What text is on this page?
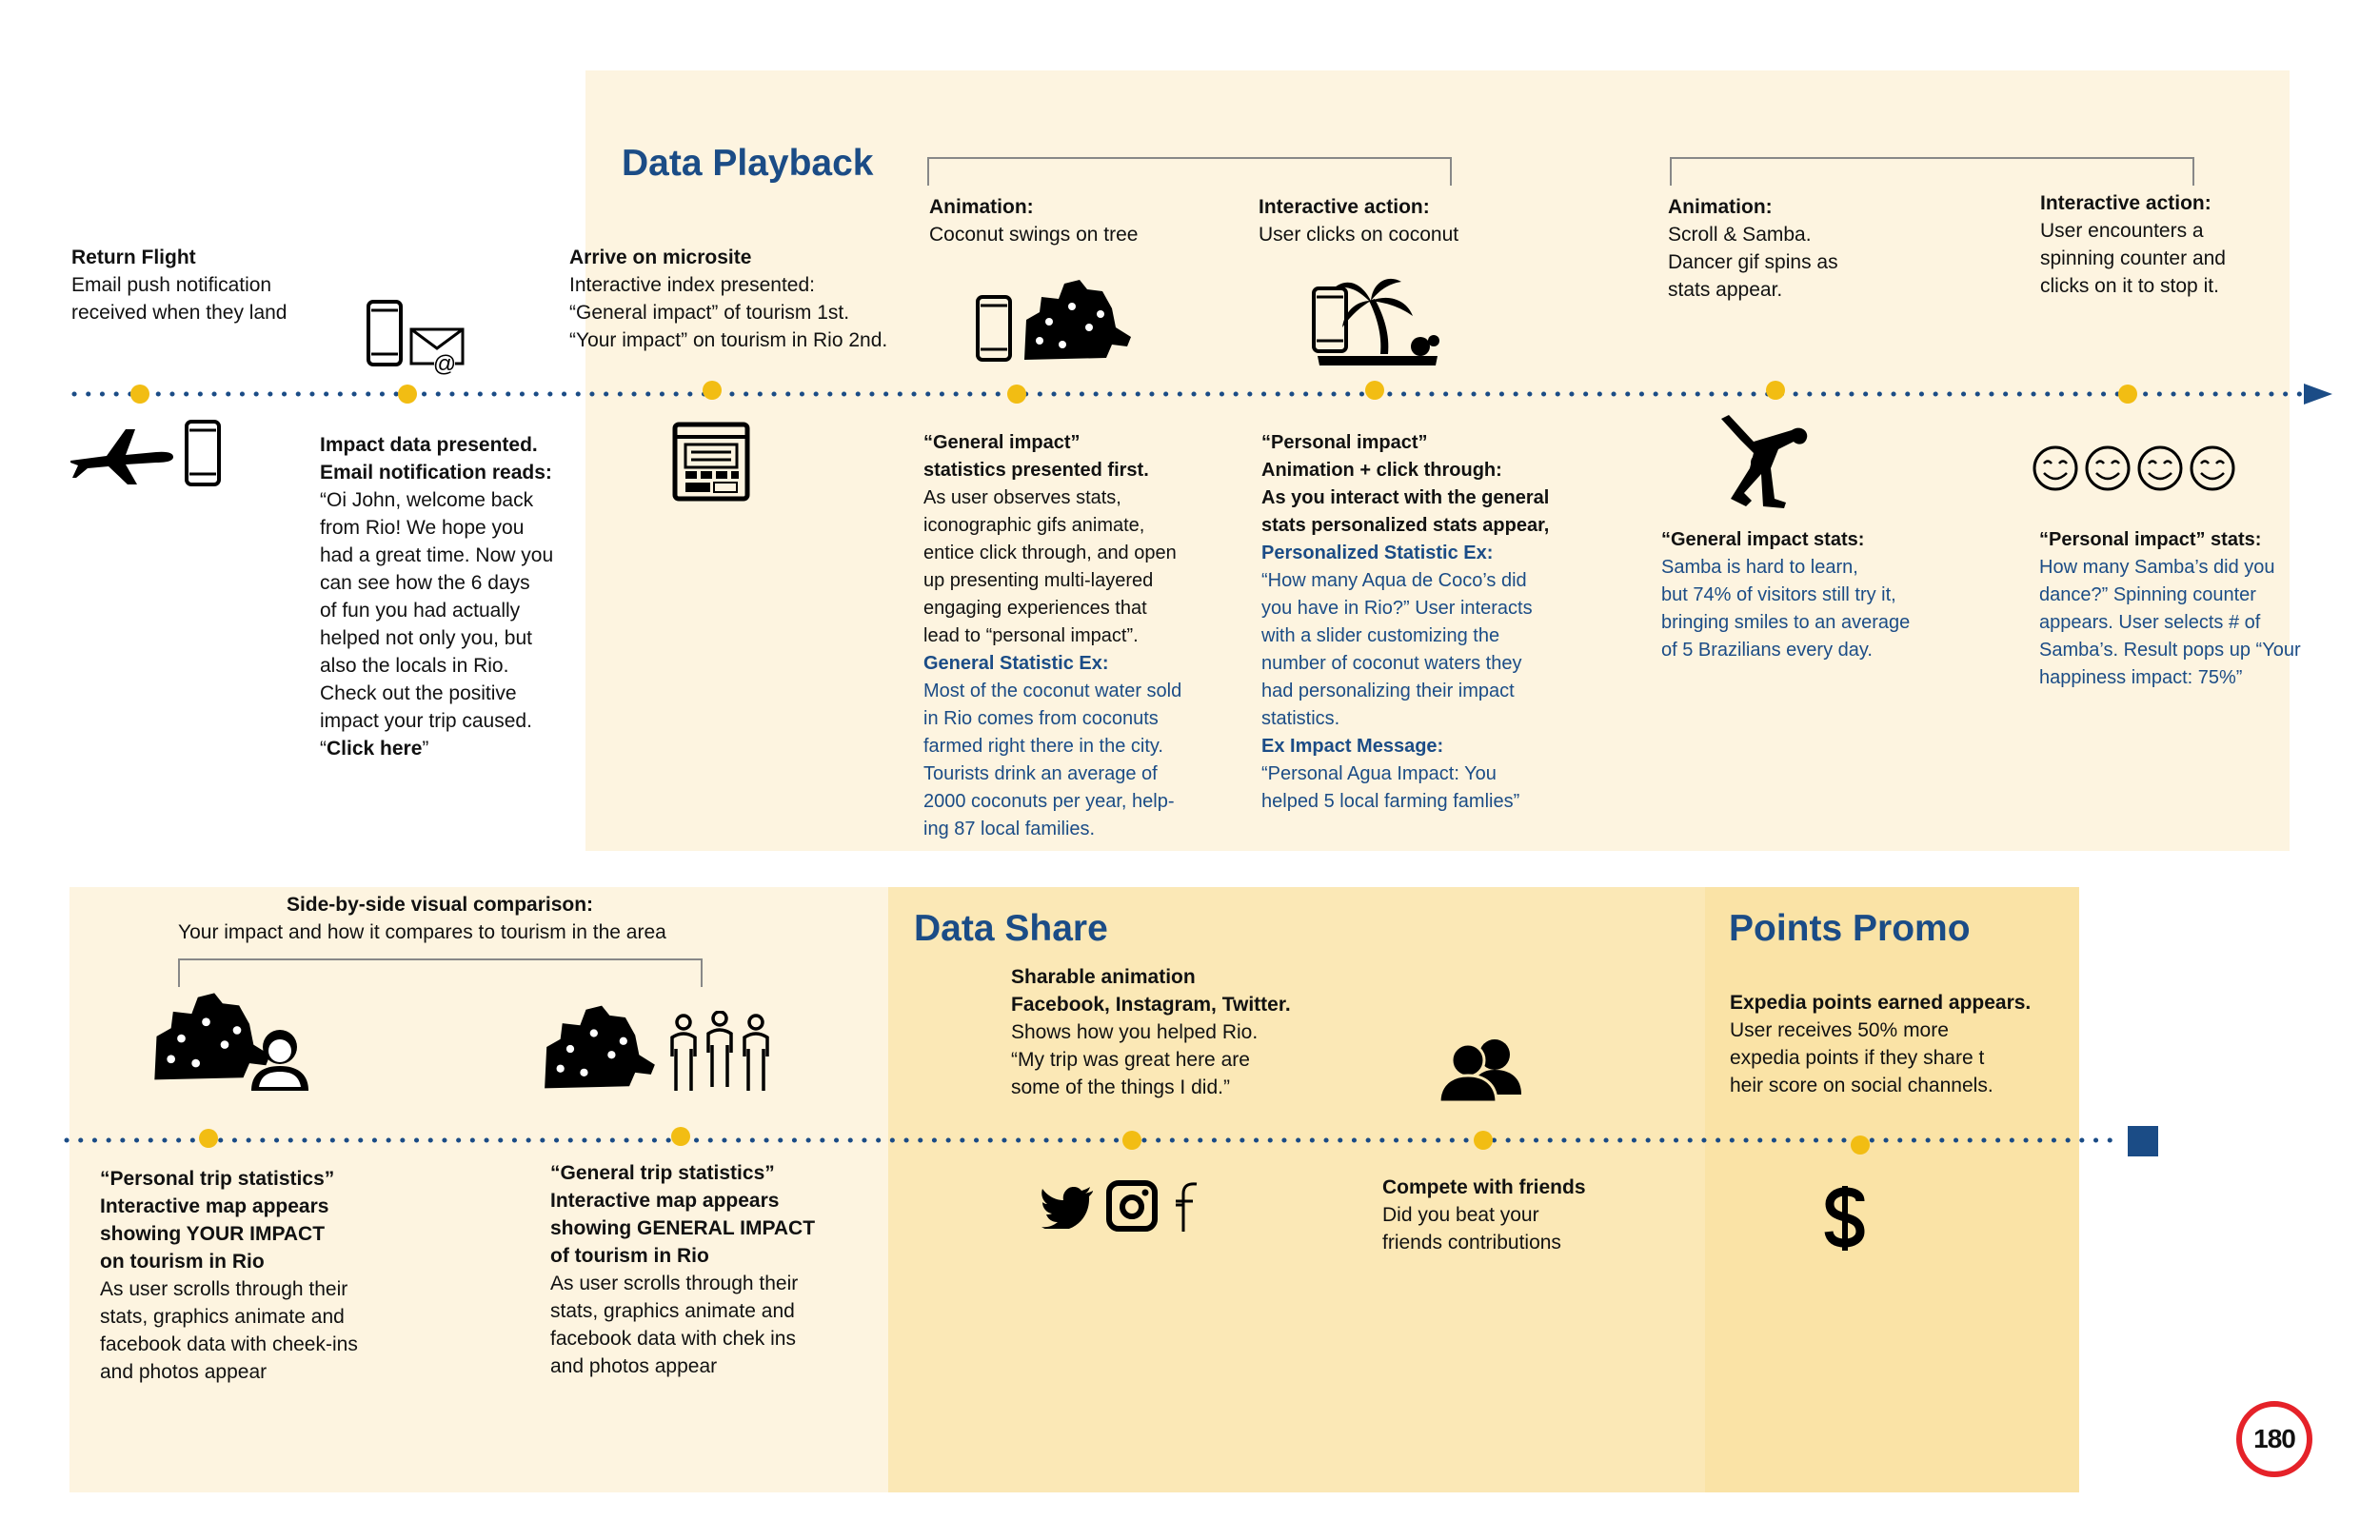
Data Playback
Data Share	Points Promo
Return Flight
Email push notification
received when they land
Arrive on microsite
Interactive index presented:
“General impact” of tourism 1st.
“Your impact” on tourism in Rio 2nd.
Animation:
Coconut swings on tree
Interactive action:
User clicks on coconut
Animation:
Scroll & Samba.
Dancer gif spins as
stats appear.
Interactive action:
User encounters a
spinning counter and
clicks on it to stop it.
Impact data presented.
Email notification reads:
“Oi John, welcome back
from Rio! We hope you
had a great time. Now you
can see how the 6 days
of fun you had actually
helped not only you, but
also the locals in Rio.
Check out the positive
impact your trip caused.
“Click here”
“General impact”
statistics presented first.
As user observes stats,
iconographic gifs animate,
entice click through, and open
up presenting multi-layered
engaging experiences that
lead to “personal impact”.
General Statistic Ex:
Most of the coconut water sold
in Rio comes from coconuts
farmed right there in the city.
Tourists drink an average of
2000 coconuts per year, help-
ing 87 local families.
“Personal impact”
Animation + click through:
As you interact with the general
stats personalized stats appear,
Personalized Statistic Ex:
“How many Aqua de Coco’s did
you have in Rio?” User interacts
with a slider customizing the
number of coconut waters they
had personalizing their impact
statistics.
Ex Impact Message:
“Personal Agua Impact: You
helped 5 local farming famlies”
“General impact stats:
Samba is hard to learn,
but 74% of visitors still try it,
bringing smiles to an average
of 5 Brazilians every day.
“Personal impact” stats:
How many Samba’s did you
dance?” Spinning counter
appears. User selects # of
Samba’s. Result pops up “Your
happiness impact: 75%”
Side-by-side visual comparison:
Your impact and how it compares to tourism in the area
Sharable animation
Facebook, Instagram, Twitter.
Shows how you helped Rio.
“My trip was great here are
some of the things I did.”
Expedia points earned appears.
User receives 50% more
expedia points if they share t
heir score on social channels.
“Personal trip statistics”
Interactive map appears
showing YOUR IMPACT
on tourism in Rio
As user scrolls through their
stats, graphics animate and
facebook data with cheek-ins
and photos appear
“General trip statistics”
Interactive map appears
showing GENERAL IMPACT
of tourism in Rio
As user scrolls through their
stats, graphics animate and
facebook data with chek ins
and photos appear
Compete with friends
Did you beat your
friends contributions
@
180
